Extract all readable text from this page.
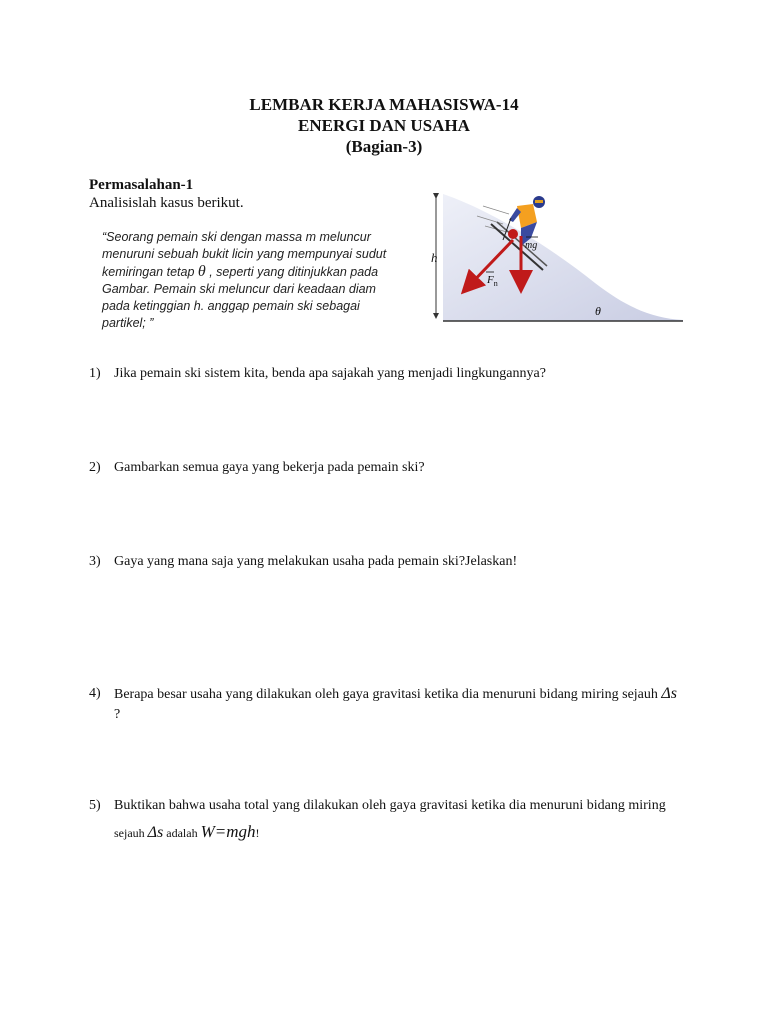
LEMBAR KERJA MAHASISWA-14
ENERGI DAN USAHA
(Bagian-3)
Permasalahan-1
Analisislah kasus berikut.
“Seorang pemain ski dengan massa m meluncur menuruni sebuah bukit licin yang mempunyai sudut kemiringan tetap θ , seperti yang ditinjukkan pada Gambar. Pemain ski meluncur dari keadaan diam pada ketinggian h. anggap pemain ski sebagai partikel; ”
h
$F_n$
mg
θ
1) Jika pemain ski sistem kita, benda apa sajakah yang menjadi lingkungannya?
2) Gambarkan semua gaya yang bekerja pada pemain ski?
3) Gaya yang mana saja yang melakukan usaha pada pemain ski?Jelaskan!
4) Berapa besar usaha yang dilakukan oleh gaya gravitasi ketika dia menuruni bidang miring sejauh Δs
?
5) Buktikan bahwa usaha total yang dilakukan oleh gaya gravitasi ketika dia menuruni bidang miring
sejauh Δs adalah W=mgh!
